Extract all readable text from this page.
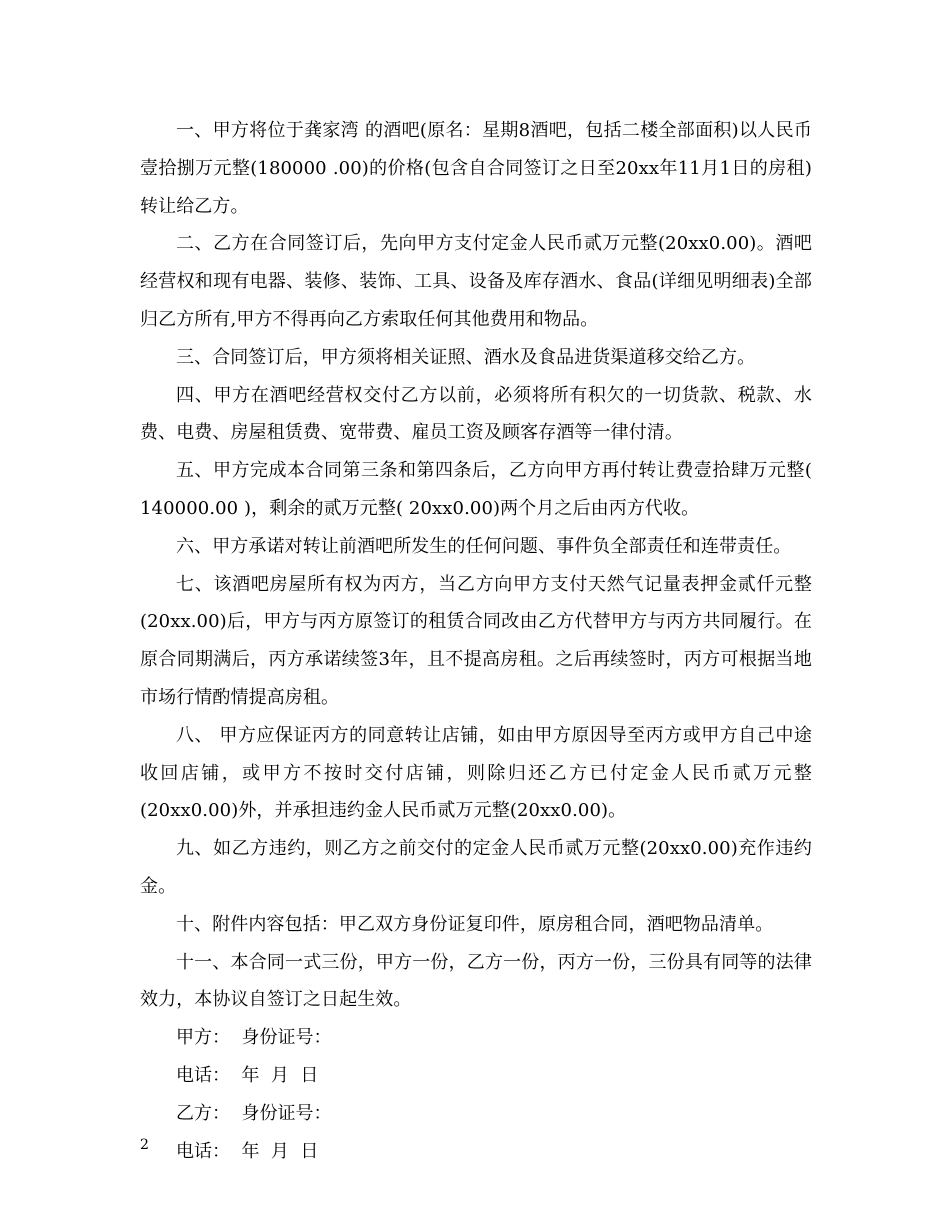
一、甲方将位于龚家湾 的酒吧(原名：星期8酒吧，包括二楼全部面积)以人民币壹拾捌万元整(180000 .00)的价格(包含自合同签订之日至20xx年11月1日的房租)转让给乙方。

二、乙方在合同签订后，先向甲方支付定金人民币贰万元整(20xx0.00)。酒吧经营权和现有电器、装修、装饰、工具、设备及库存酒水、食品(详细见明细表)全部归乙方所有,甲方不得再向乙方索取任何其他费用和物品。

三、合同签订后，甲方须将相关证照、酒水及食品进货渠道移交给乙方。

四、甲方在酒吧经营权交付乙方以前，必须将所有积欠的一切货款、税款、水费、电费、房屋租赁费、宽带费、雇员工资及顾客存酒等一律付清。

五、甲方完成本合同第三条和第四条后，乙方向甲方再付转让费壹拾肆万元整( 140000.00 )，剩余的贰万元整( 20xx0.00)两个月之后由丙方代收。

六、甲方承诺对转让前酒吧所发生的任何问题、事件负全部责任和连带责任。

七、该酒吧房屋所有权为丙方，当乙方向甲方支付天然气记量表押金贰仟元整(20xx.00)后，甲方与丙方原签订的租赁合同改由乙方代替甲方与丙方共同履行。在原合同期满后，丙方承诺续签3年，且不提高房租。之后再续签时，丙方可根据当地市场行情酌情提高房租。

八、 甲方应保证丙方的同意转让店铺，如由甲方原因导至丙方或甲方自己中途收回店铺，或甲方不按时交付店铺，则除归还乙方已付定金人民币贰万元整(20xx0.00)外，并承担违约金人民币贰万元整(20xx0.00)。

九、如乙方违约，则乙方之前交付的定金人民币贰万元整(20xx0.00)充作违约金。

十、附件内容包括：甲乙双方身份证复印件，原房租合同，酒吧物品清单。

十一、本合同一式三份，甲方一份，乙方一份，丙方一份，三份具有同等的法律效力，本协议自签订之日起生效。

甲方：  身份证号：

电话：  年  月  日

乙方：  身份证号：

电话：  年  月  日

2
